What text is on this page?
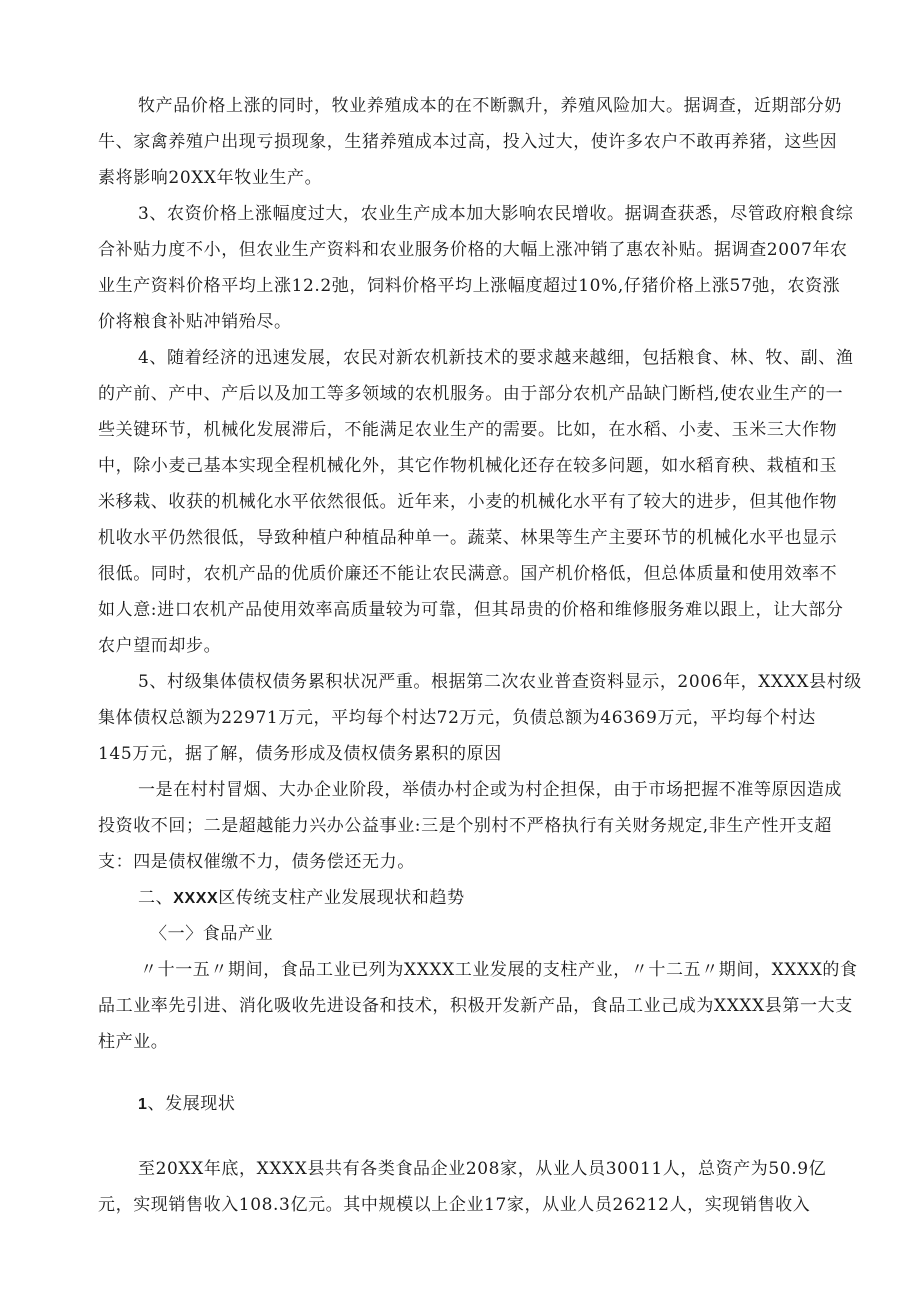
牧产品价格上涨的同时，牧业养殖成本的在不断飘升，养殖风险加大。据调查，近期部分奶
牛、家禽养殖户出现亏损现象，生猪养殖成本过高，投入过大，使许多农户不敢再养猪，这些因
素将影响20XX年牧业生产。
3、农资价格上涨幅度过大，农业生产成本加大影响农民增收。据调查获悉，尽管政府粮食综
合补贴力度不小，但农业生产资料和农业服务价格的大幅上涨冲销了惠农补贴。据调查2007年农
业生产资料价格平均上涨12.2弛，饲料价格平均上涨幅度超过10%,仔猪价格上涨57弛，农资涨
价将粮食补贴冲销殆尽。
4、随着经济的迅速发展，农民对新农机新技术的要求越来越细，包括粮食、林、牧、副、渔
的产前、产中、产后以及加工等多领域的农机服务。由于部分农机产品缺门断档,使农业生产的一
些关键环节，机械化发展滞后，不能满足农业生产的需要。比如，在水稻、小麦、玉米三大作物
中，除小麦己基本实现全程机械化外，其它作物机械化还存在较多问题，如水稻育秧、栽植和玉
米移栽、收获的机械化水平依然很低。近年来，小麦的机械化水平有了较大的进步，但其他作物
机收水平仍然很低，导致种植户种植品种单一。蔬菜、林果等生产主要环节的机械化水平也显示
很低。同时，农机产品的优质价廉还不能让农民满意。国产机价格低，但总体质量和使用效率不
如人意:进口农机产品使用效率高质量较为可靠，但其昂贵的价格和维修服务难以跟上，让大部分
农户望而却步。
5、村级集体债权债务累积状况严重。根据第二次农业普查资料显示，2006年，XXXX县村级
集体债权总额为22971万元，平均每个村达72万元，负债总额为46369万元，平均每个村达
145万元，据了解，债务形成及债权债务累积的原因
一是在村村冒烟、大办企业阶段，举债办村企或为村企担保，由于市场把握不准等原因造成
投资收不回；二是超越能力兴办公益事业:三是个别村不严格执行有关财务规定,非生产性开支超
支：四是债权催缴不力，债务偿还无力。
二、XXXX区传统支柱产业发展现状和趋势
〈一〉食品产业
〃十一五〃期间，食品工业已列为XXXX工业发展的支柱产业，〃十二五〃期间，XXXX的食
品工业率先引进、消化吸收先进设备和技术，积极开发新产品，食品工业己成为XXXX县第一大支
柱产业。
1、发展现状
至20XX年底，XXXX县共有各类食品企业208家，从业人员30011人，总资产为50.9亿
元，实现销售收入108.3亿元。其中规模以上企业17家，从业人员26212人，实现销售收入
